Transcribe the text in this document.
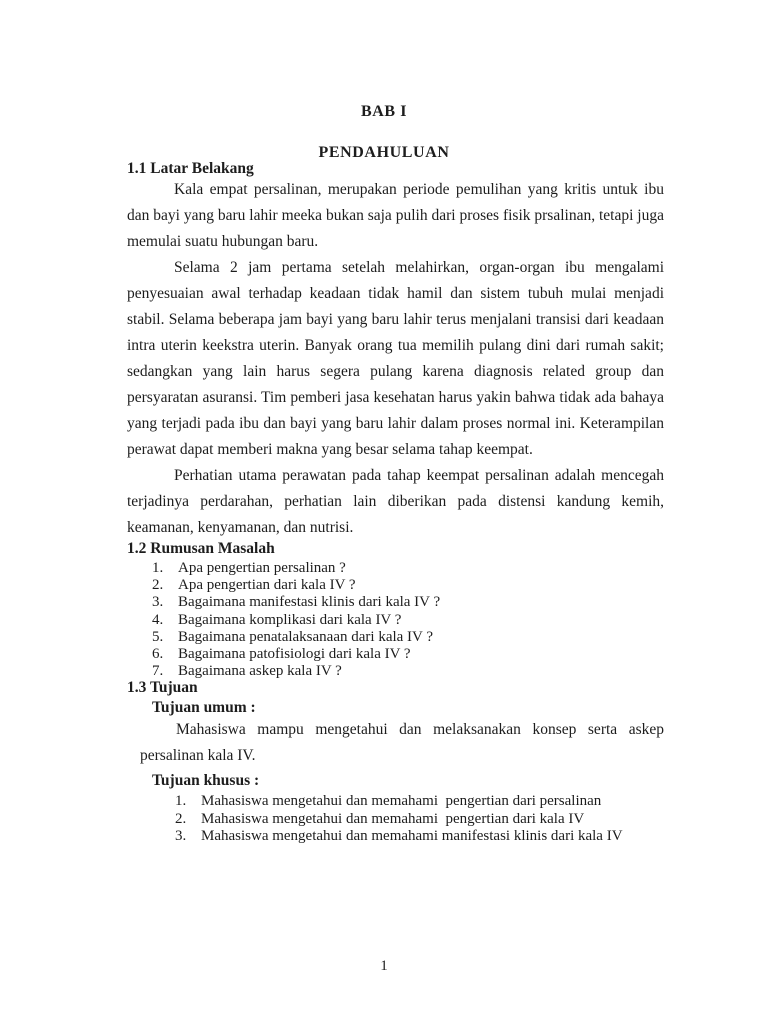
BAB I
PENDAHULUAN
1.1 Latar Belakang

Kala empat persalinan, merupakan periode pemulihan yang kritis untuk ibu dan bayi yang baru lahir meeka bukan saja pulih dari proses fisik prsalinan, tetapi juga memulai suatu hubungan baru.

Selama 2 jam pertama setelah melahirkan, organ-organ ibu mengalami penyesuaian awal terhadap keadaan tidak hamil dan sistem tubuh mulai menjadi stabil. Selama beberapa jam bayi yang baru lahir terus menjalani transisi dari keadaan intra uterin keekstra uterin. Banyak orang tua memilih pulang dini dari rumah sakit; sedangkan yang lain harus segera pulang karena diagnosis related group dan persyaratan asuransi. Tim pemberi jasa kesehatan harus yakin bahwa tidak ada bahaya yang terjadi pada ibu dan bayi yang baru lahir dalam proses normal ini. Keterampilan perawat dapat memberi makna yang besar selama tahap keempat.

Perhatian utama perawatan pada tahap keempat persalinan adalah mencegah terjadinya perdarahan, perhatian lain diberikan pada distensi kandung kemih, keamanan, kenyamanan, dan nutrisi.

1.2 Rumusan Masalah
Apa pengertian persalinan ?
Apa pengertian dari kala IV ?
Bagaimana manifestasi klinis dari kala IV ?
Bagaimana komplikasi dari kala IV ?
Bagaimana penatalaksanaan dari kala IV ?
Bagaimana patofisiologi dari kala IV ?
Bagaimana askep kala IV ?
1.3 Tujuan
Tujuan umum :

Mahasiswa mampu mengetahui dan melaksanakan konsep serta askep persalinan kala IV.

Tujuan khusus :
Mahasiswa mengetahui dan memahami  pengertian dari persalinan
Mahasiswa mengetahui dan memahami  pengertian dari kala IV
Mahasiswa mengetahui dan memahami manifestasi klinis dari kala IV
1
